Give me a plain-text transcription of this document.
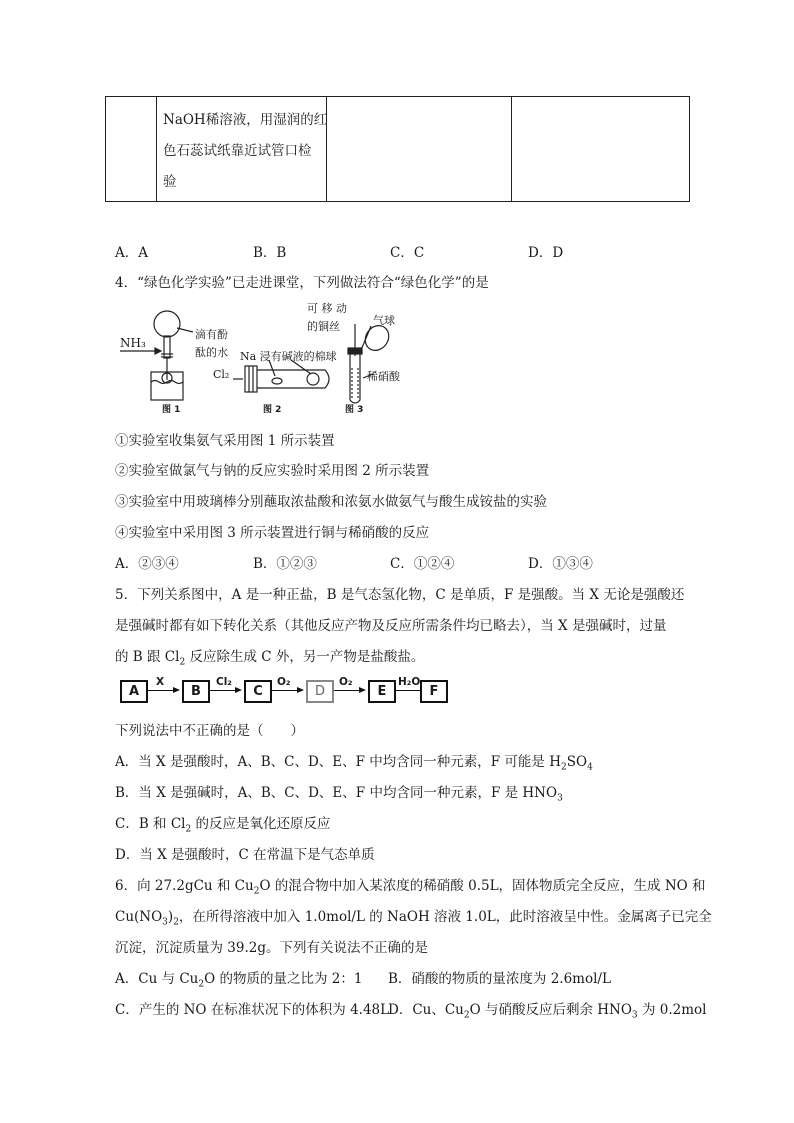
NaOH稀溶液，用湿润的红
色石蕊试纸靠近试管口检
验
A．A	B．B	C．C	D．D
4．“绿色化学实验”已走进课堂，下列做法符合“绿色化学”的是
NH₃
滴有酚
酞的水
Cl₂
Na 浸有碱液的棉球
可 移 动
的铜丝	气球
稀硝酸
图 1	图 2	图 3
①实验室收集氨气采用图 1 所示装置
②实验室做氯气与钠的反应实验时采用图 2 所示装置
③实验室中用玻璃棒分别蘸取浓盐酸和浓氨水做氨气与酸生成铵盐的实验
④实验室中采用图 3 所示装置进行铜与稀硝酸的反应
A．②③④	B．①②③	C．①②④	D．①③④
5．下列关系图中，A 是一种正盐，B 是气态氢化物，C 是单质，F 是强酸。当 X 无论是强酸还
是强碱时都有如下转化关系（其他反应产物及反应所需条件均已略去），当 X 是强碱时，过量
的 B 跟 $Cl_2$ 反应除生成 C 外，另一产物是盐酸盐。
A
X
B
Cl₂
C
O₂
D
O₂
E
H₂O
F
下列说法中不正确的是（　　）
A．当 X 是强酸时，A、B、C、D、E、F 中均含同一种元素，F 可能是 $H_2SO_4$
B．当 X 是强碱时，A、B、C、D、E、F 中均含同一种元素，F 是 $HNO_3$
C．B 和 $Cl_2$ 的反应是氧化还原反应
D．当 X 是强酸时，C 在常温下是气态单质
6．向 27.2gCu 和 $Cu_2O$ 的混合物中加入某浓度的稀硝酸 0.5L，固体物质完全反应，生成 NO 和
$Cu(NO_3)_2$，在所得溶液中加入 1.0mol/L 的 NaOH 溶液 1.0L，此时溶液呈中性。金属离子已完全
沉淀，沉淀质量为 39.2g。下列有关说法不正确的是
A．Cu 与 $Cu_2O$ 的物质的量之比为 2：1 B．硝酸的物质的量浓度为 2.6mol/L
C．产生的 NO 在标准状况下的体积为 4.48L
D．Cu、$Cu_2O$ 与硝酸反应后剩余 $HNO_3$ 为 0.2mol
